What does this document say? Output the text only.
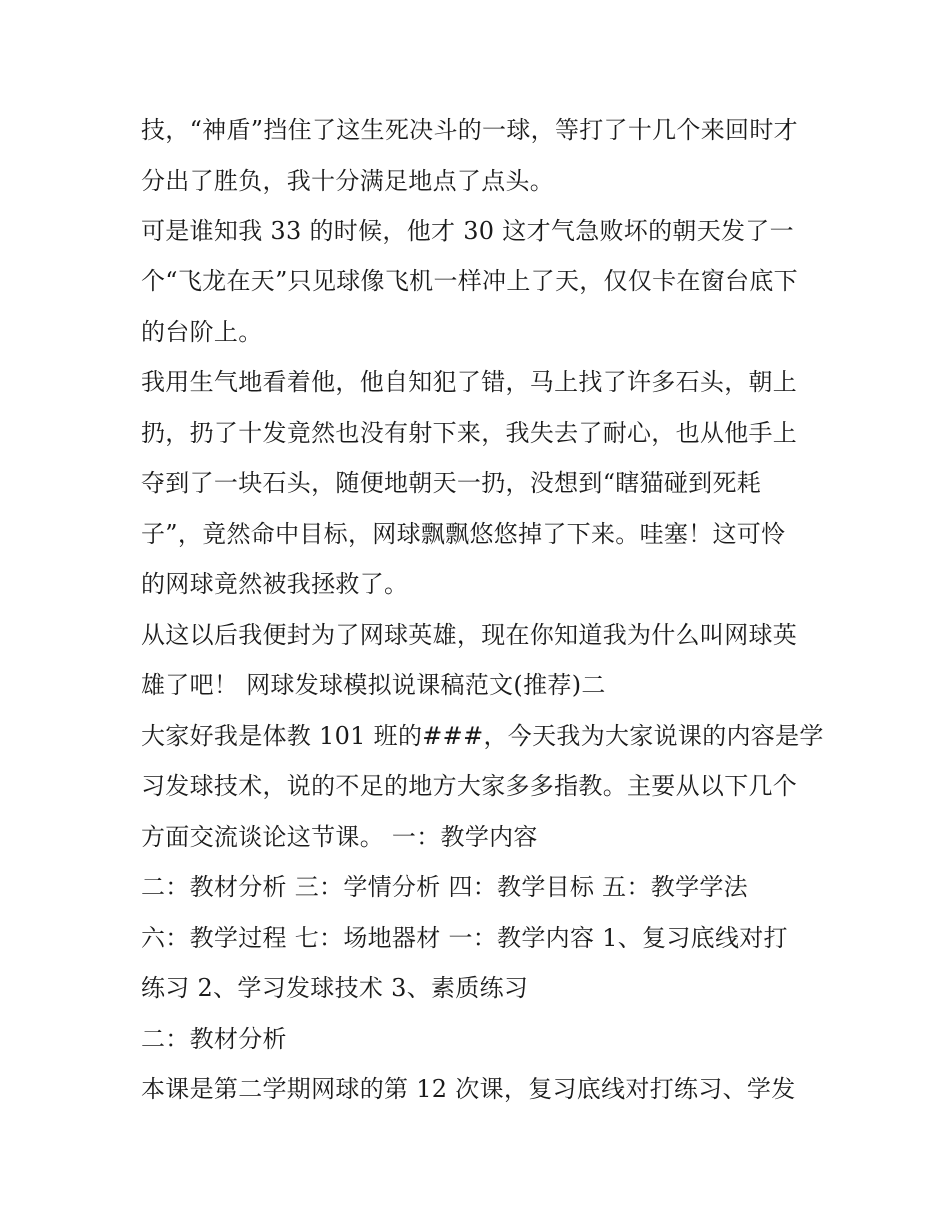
技，“神盾”挡住了这生死决斗的一球，等打了十几个来回时才
分出了胜负，我十分满足地点了点头。
可是谁知我 33 的时候，他才 30 这才气急败坏的朝天发了一
个“飞龙在天”只见球像飞机一样冲上了天，仅仅卡在窗台底下
的台阶上。
我用生气地看着他，他自知犯了错，马上找了许多石头，朝上
扔，扔了十发竟然也没有射下来，我失去了耐心，也从他手上
夺到了一块石头，随便地朝天一扔，没想到“瞎猫碰到死耗
子”，竟然命中目标，网球飘飘悠悠掉了下来。哇塞！这可怜
的网球竟然被我拯救了。
从这以后我便封为了网球英雄，现在你知道我为什么叫网球英
雄了吧！ 网球发球模拟说课稿范文(推荐)二
大家好我是体教 101 班的###，今天我为大家说课的内容是学
习发球技术，说的不足的地方大家多多指教。主要从以下几个
方面交流谈论这节课。 一：教学内容
二：教材分析 三：学情分析 四：教学目标 五：教学学法
六：教学过程 七：场地器材 一：教学内容 1、复习底线对打
练习 2、学习发球技术 3、素质练习
二：教材分析
本课是第二学期网球的第 12 次课，复习底线对打练习、学发
